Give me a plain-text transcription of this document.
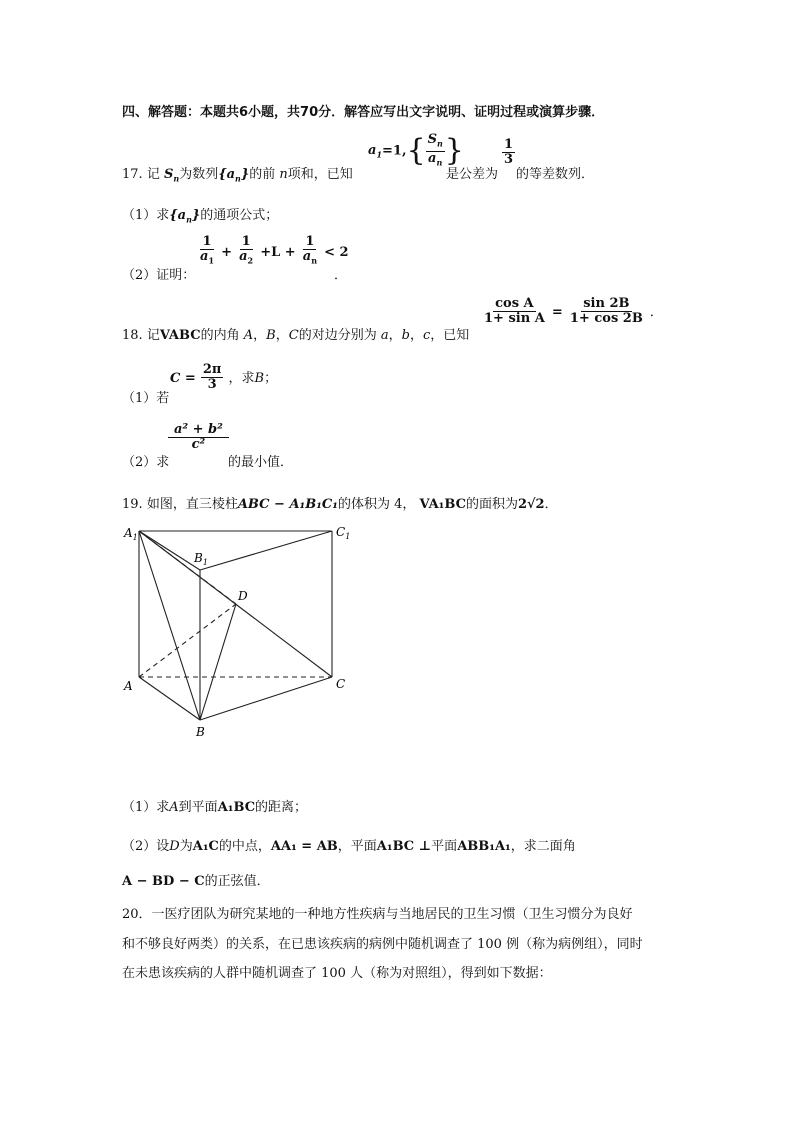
四、解答题：本题共6小题，共70分．解答应写出文字说明、证明过程或演算步骤．
17. 记 $S_n$为数列$\{a_n\}$的前 n项和，已知
$a_1=1,\{ \frac{S_n}{a_n}$ }
是公差为
$\frac{1}{3}$
的等差数列．
（1）求$\{a_n\}$的通项公式；
（2）证明：
$\frac{1}{a_1} + \frac{1}{a_2} +L + \frac{1}{a_n} < 2$
．
18. 记VABC的内角 A，B，C的对边分别为 a，b，c，已知
$\frac{\text{cos A}}{\text{1+ sin A}} = \frac{\sin 2B}{1+ \cos 2B}$ ．
（1）若
$C = \frac{2\pi}{3}$ ，求B；
（2）求
$\frac{\text{a² + b²}}{\text{c²}}$
的最小值．
19. 如图，直三棱柱ABC − A₁B₁C₁的体积为 4， VA₁BC的面积为2√2．
$A_1$
$B_1$
$C_1$
D
A
B
C
（1）求A到平面A₁BC的距离；
（2）设D为A₁C的中点，AA₁ = AB，平面A₁BC ⊥平面ABB₁A₁，求二面角
A − BD − C的正弦值．
20．一医疗团队为研究某地的一种地方性疾病与当地居民的卫生习惯（卫生习惯分为良好
和不够良好两类）的关系，在已患该疾病的病例中随机调查了 100 例（称为病例组），同时
在未患该疾病的人群中随机调查了 100 人（称为对照组），得到如下数据：
